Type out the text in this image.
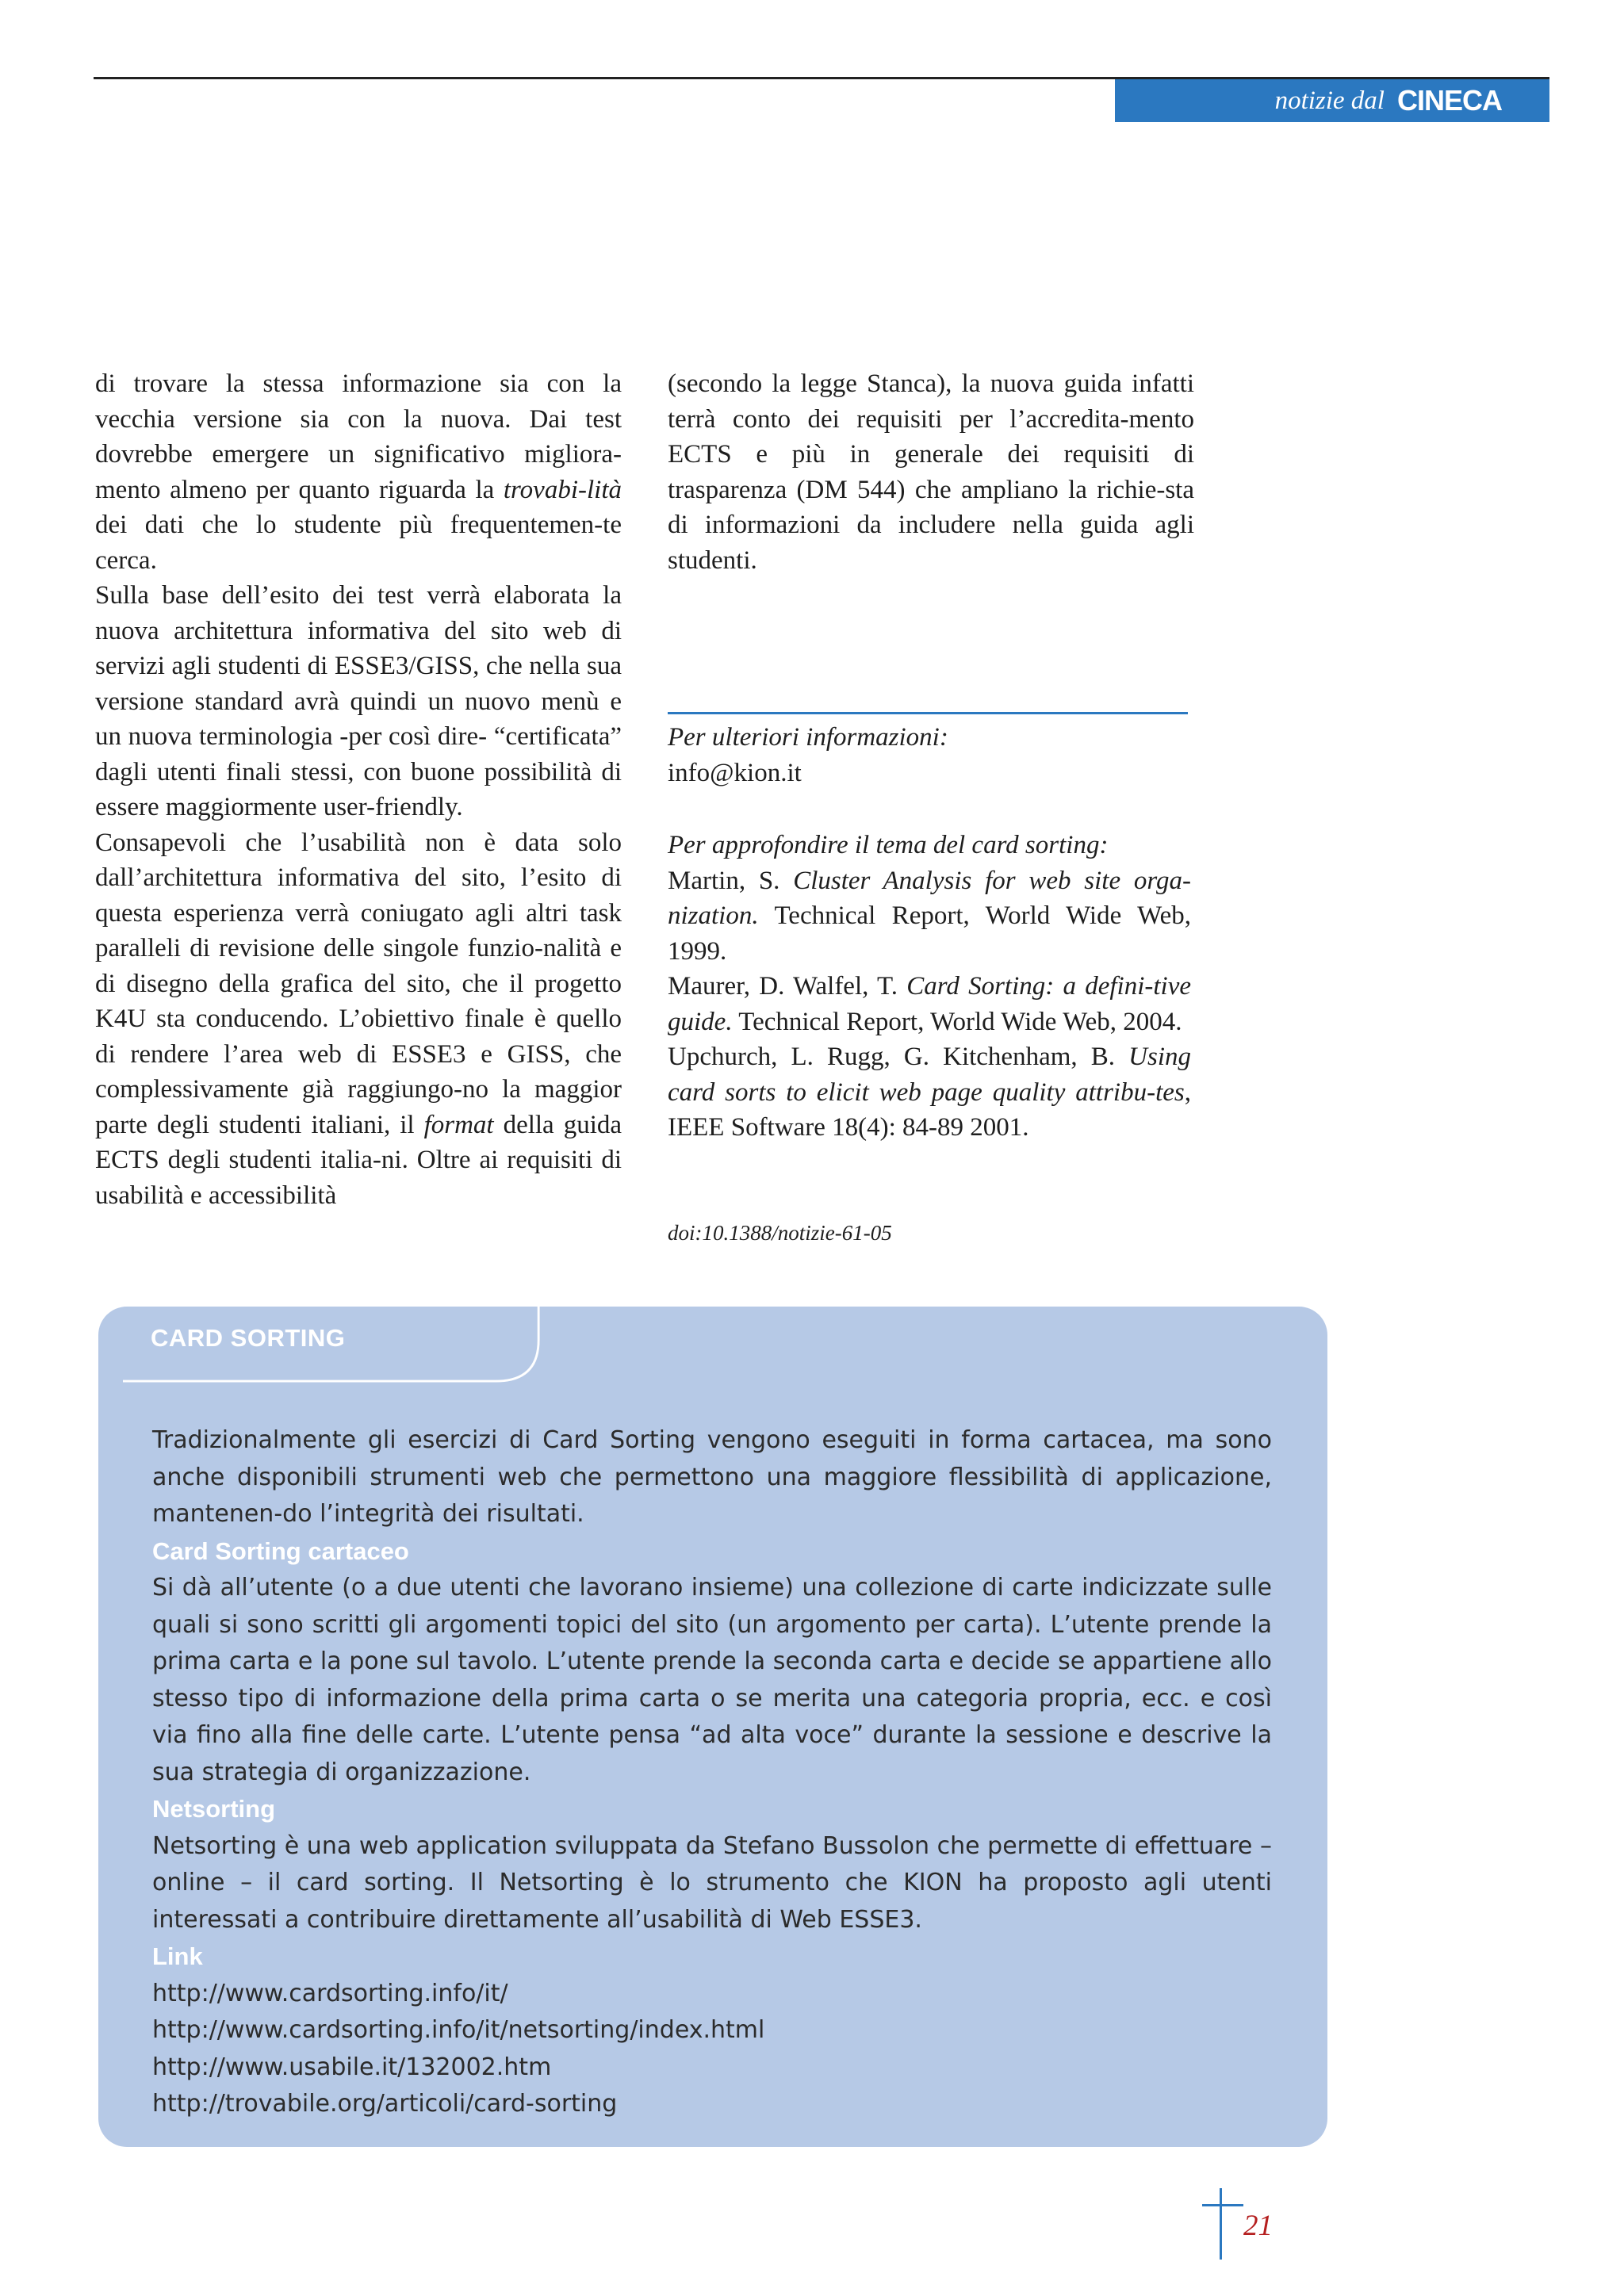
notizie dal CINECA

di trovare la stessa informazione sia con la vecchia versione sia con la nuova. Dai test dovrebbe emergere un significativo migliora-mento almeno per quanto riguarda la trovabi-lità dei dati che lo studente più frequentemen-te cerca.

Sulla base dell’esito dei test verrà elaborata la nuova architettura informativa del sito web di servizi agli studenti di ESSE3/GISS, che nella sua versione standard avrà quindi un nuovo menù e un nuova terminologia -per così dire- “certificata” dagli utenti finali stessi, con buone possibilità di essere maggiormente user-friendly.

Consapevoli che l’usabilità non è data solo dall’architettura informativa del sito, l’esito di questa esperienza verrà coniugato agli altri task paralleli di revisione delle singole funzio-nalità e di disegno della grafica del sito, che il progetto K4U sta conducendo. L’obiettivo finale è quello di rendere l’area web di ESSE3 e GISS, che complessivamente già raggiungo-no la maggior parte degli studenti italiani, il format della guida ECTS degli studenti italia-ni. Oltre ai requisiti di usabilità e accessibilità

(secondo la legge Stanca), la nuova guida infatti terrà conto dei requisiti per l’accredita-mento ECTS e più in generale dei requisiti di trasparenza (DM 544) che ampliano la richie-sta di informazioni da includere nella guida agli studenti.

Per ulteriori informazioni:

info@kion.it

Per approfondire il tema del card sorting:

Martin, S. Cluster Analysis for web site orga-nization. Technical Report, World Wide Web, 1999.

Maurer, D. Walfel, T. Card Sorting: a defini-tive guide. Technical Report, World Wide Web, 2004.

Upchurch, L. Rugg, G. Kitchenham, B. Using card sorts to elicit web page quality attribu-tes, IEEE Software 18(4): 84-89 2001.

doi:10.1388/notizie-61-05
CARD SORTING

Tradizionalmente gli esercizi di Card Sorting vengono eseguiti in forma cartacea, ma sono anche disponibili strumenti web che permettono una maggiore flessibilità di applicazione, mantenen-do l’integrità dei risultati.

Card Sorting cartaceo

Si dà all’utente (o a due utenti che lavorano insieme) una collezione di carte indicizzate sulle quali si sono scritti gli argomenti topici del sito (un argomento per carta). L’utente prende la prima carta e la pone sul tavolo. L’utente prende la seconda carta e decide se appartiene allo stesso tipo di informazione della prima carta o se merita una categoria propria, ecc. e così via fino alla fine delle carte. L’utente pensa “ad alta voce” durante la sessione e descrive la sua strategia di organizzazione.

Netsorting

Netsorting è una web application sviluppata da Stefano Bussolon che permette di effettuare – online – il card sorting. Il Netsorting è lo strumento che KION ha proposto agli utenti interessati a contribuire direttamente all’usabilità di Web ESSE3.

Link

http://www.cardsorting.info/it/

http://www.cardsorting.info/it/netsorting/index.html

http://www.usabile.it/132002.htm

http://trovabile.org/articoli/card-sorting

21
